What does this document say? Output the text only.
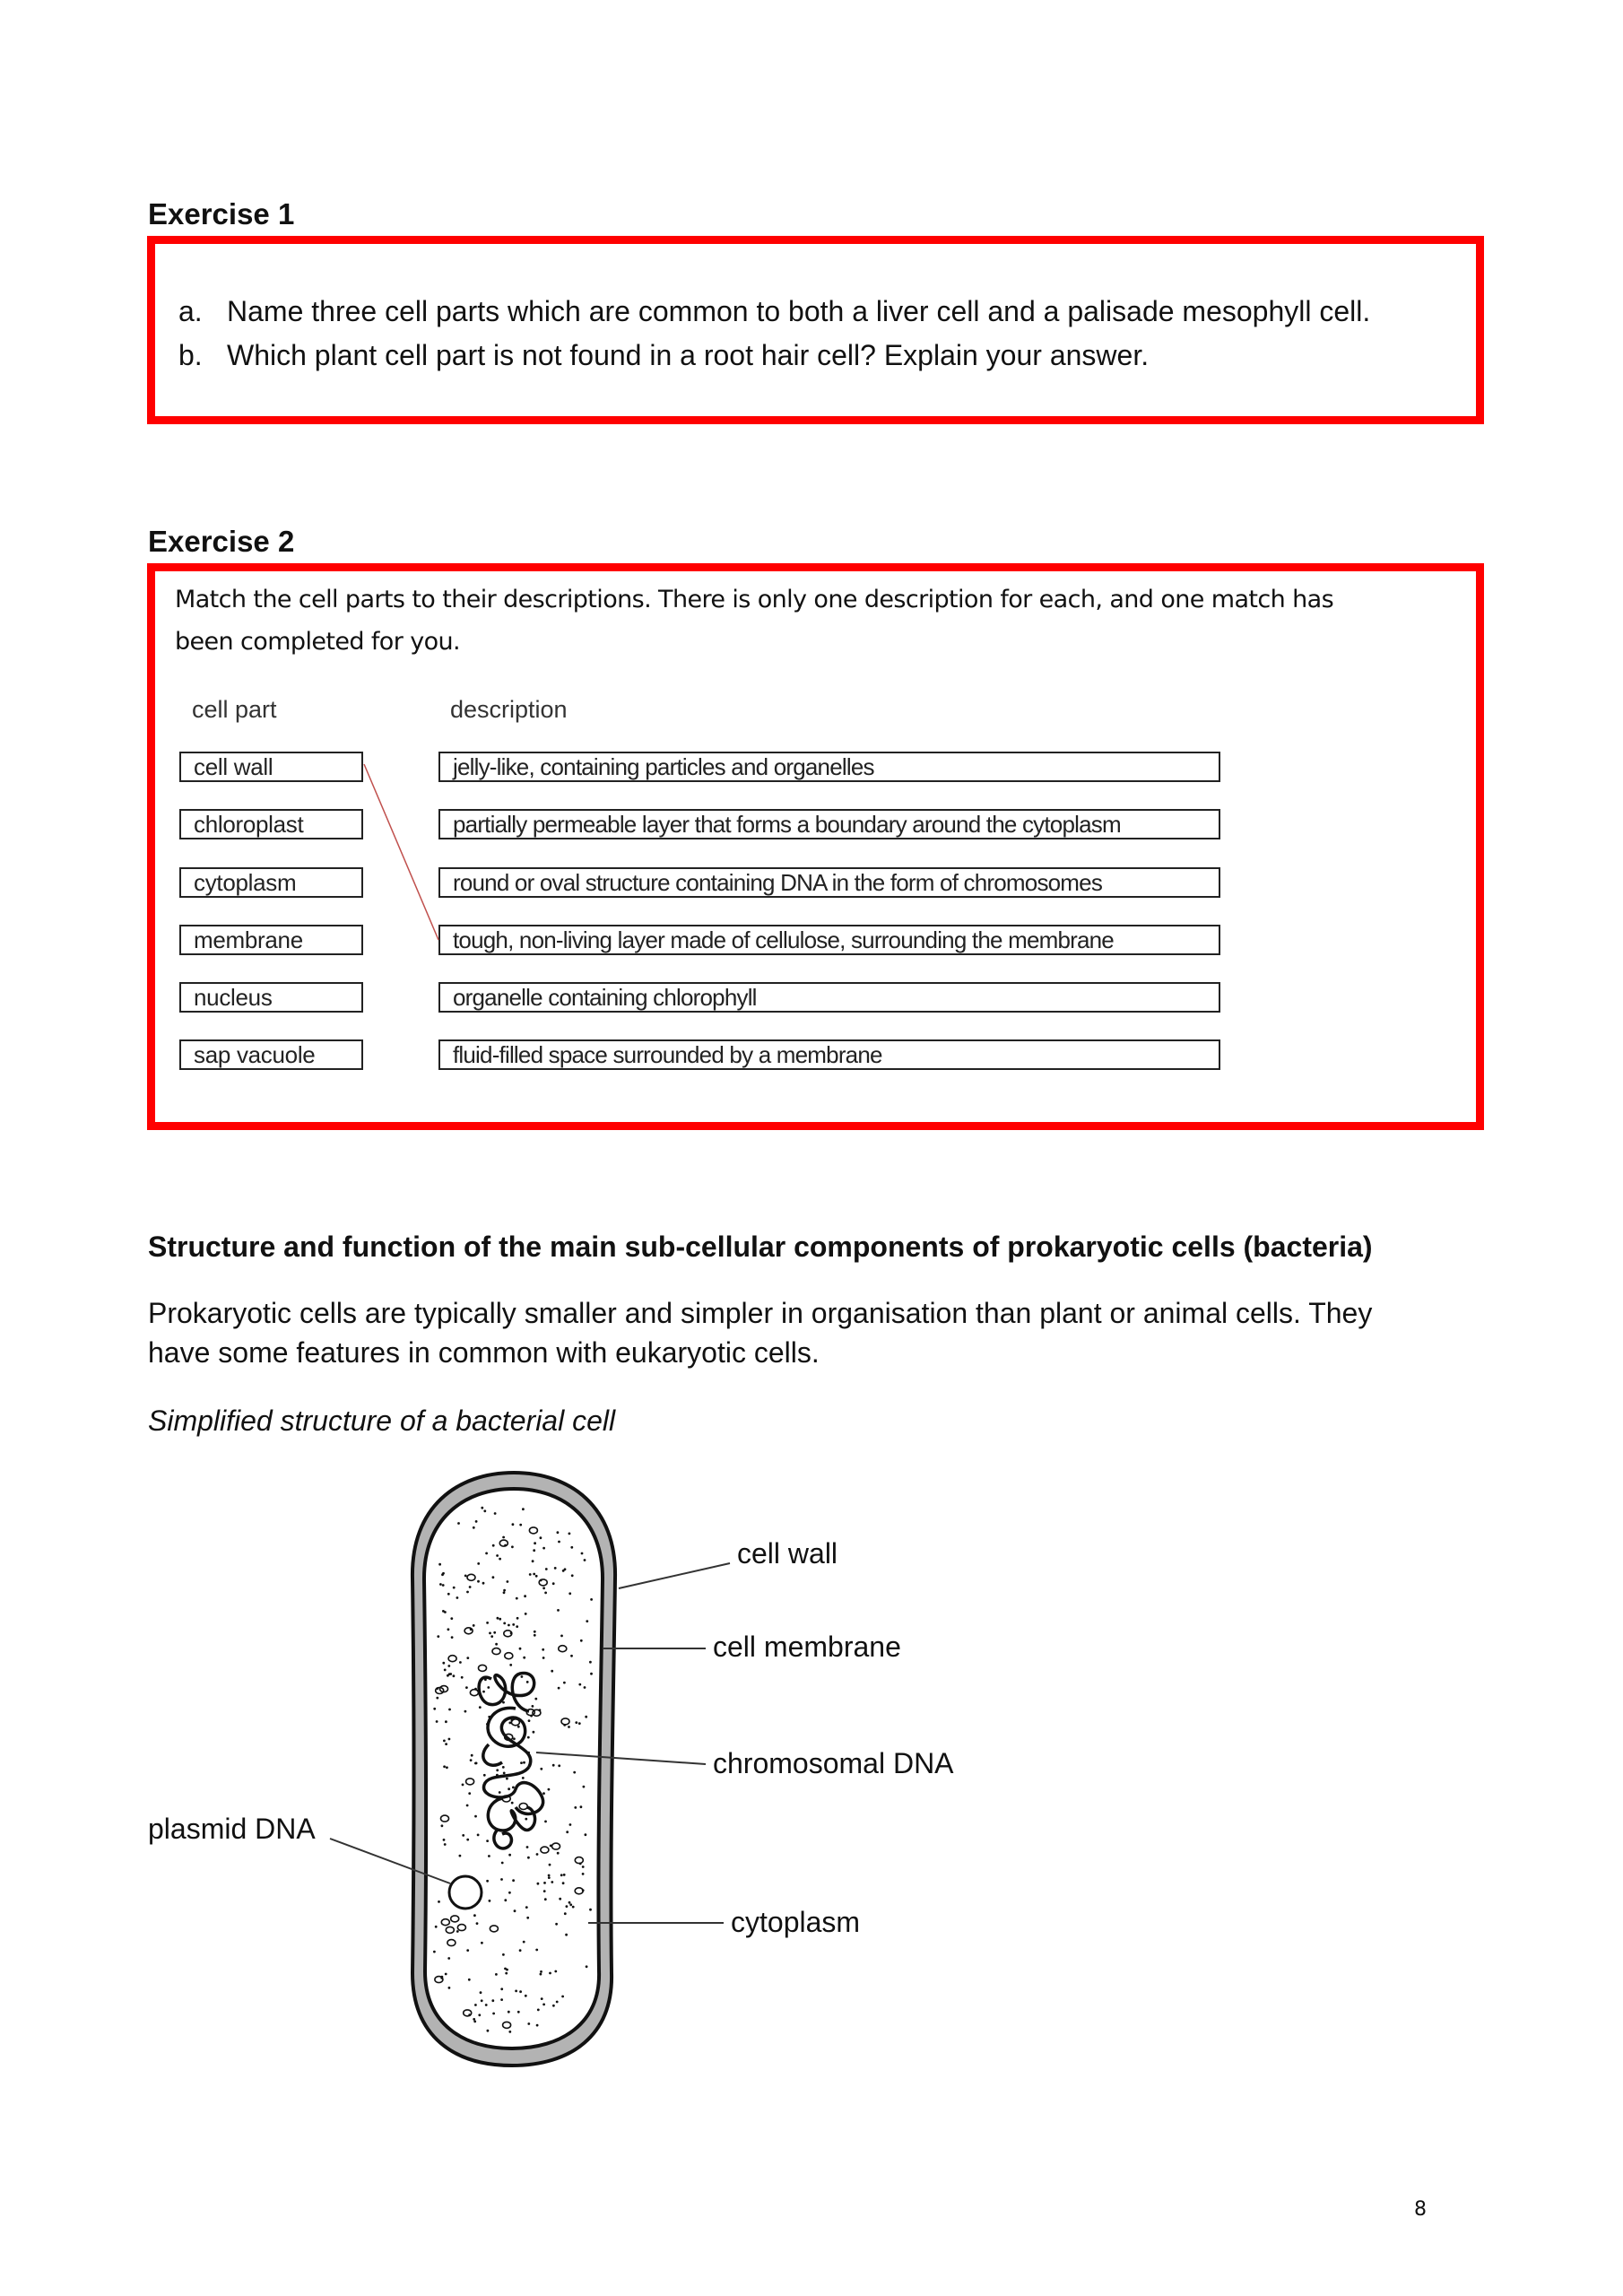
Exercise 1
a. Name three cell parts which are common to both a liver cell and a palisade mesophyll cell.
b. Which plant cell part is not found in a root hair cell? Explain your answer.
Exercise 2
Match the cell parts to their descriptions. There is only one description for each, and one match has
been completed for you.
cell part	description
cell wall
chloroplast
cytoplasm
membrane
nucleus
sap vacuole
jelly-like, containing particles and organelles
partially permeable layer that forms a boundary around the cytoplasm
round or oval structure containing DNA in the form of chromosomes
tough, non-living layer made of cellulose, surrounding the membrane
organelle containing chlorophyll
fluid-filled space surrounded by a membrane
Structure and function of the main sub-cellular components of prokaryotic cells (bacteria)
Prokaryotic cells are typically smaller and simpler in organisation than plant or animal cells. They
have some features in common with eukaryotic cells.
Simplified structure of a bacterial cell
cell wall
cell membrane
chromosomal DNA
plasmid DNA
cytoplasm
8
